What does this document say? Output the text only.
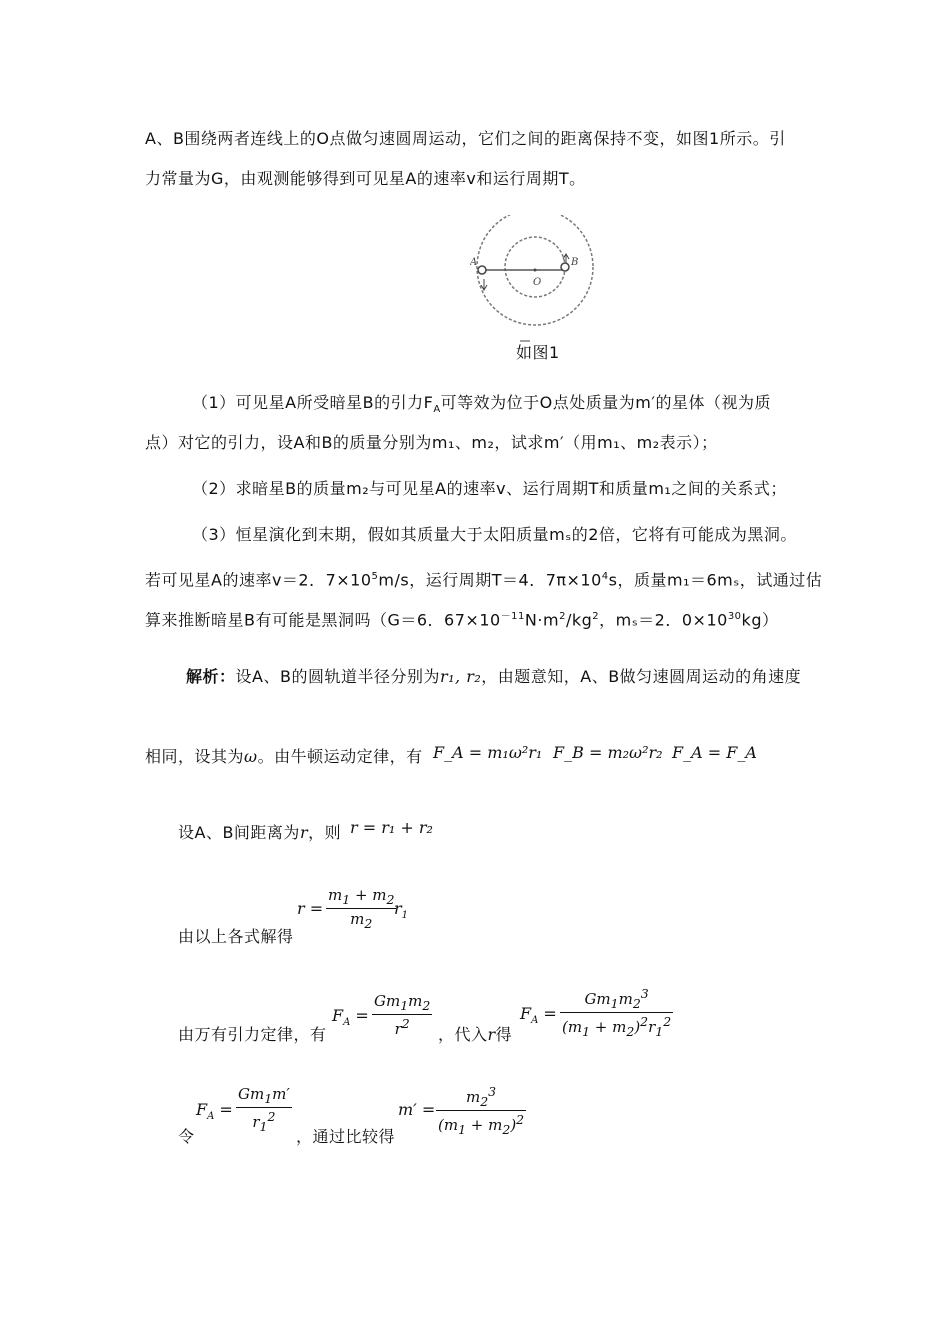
A、B围绕两者连线上的O点做匀速圆周运动，它们之间的距离保持不变，如图1所示。引
力常量为G，由观测能够得到可见星A的速率v和运行周期T。
A	B
O
如图1
（1）可见星A所受暗星B的引力$F_A$可等效为位于O点处质量为m′的星体（视为质
点）对它的引力，设A和B的质量分别为m₁、m₂，试求m′（用m₁、m₂表示）；
（2）求暗星B的质量m₂与可见星A的速率v、运行周期T和质量m₁之间的关系式；
（3）恒星演化到末期，假如其质量大于太阳质量mₛ的2倍，它将有可能成为黑洞。
若可见星A的速率v＝2．$7\times 10^5m/s$，运行周期T＝4．$7\pi\times 10^4s$，质量m₁＝6mₛ，试通过估
算来推断暗星B有可能是黑洞吗（G＝6．$67\times 10^{-11}N\cdot m^2/kg^2$，mₛ＝2．$0\times 10^{30}kg$）
解析：设A、B的圆轨道半径分别为r₁, r₂，由题意知，A、B做匀速圆周运动的角速度
相同，设其为ω。由牛顿运动定律，有 F_A = m₁ω²r₁ F_B = m₂ω²r₂ F_A = F_A
设A、B间距离为r，则 r = r₁ + r₂
r =
$m_1 + m_2$
$m_2$
$r_1$
由以上各式解得
由万有引力定律，有
$F_A$ =
$Gm_1m_2$
$r^2$
，代入r得
$F_A$ =
$Gm_1m_2^3$
$(m_1 + m_2)^2r_1^2$
$F_A$ =
$Gm_1m'$
$r_1^2$
令	，通过比较得
m′ =
$m_2^3$
$(m_1 + m_2)^2$
